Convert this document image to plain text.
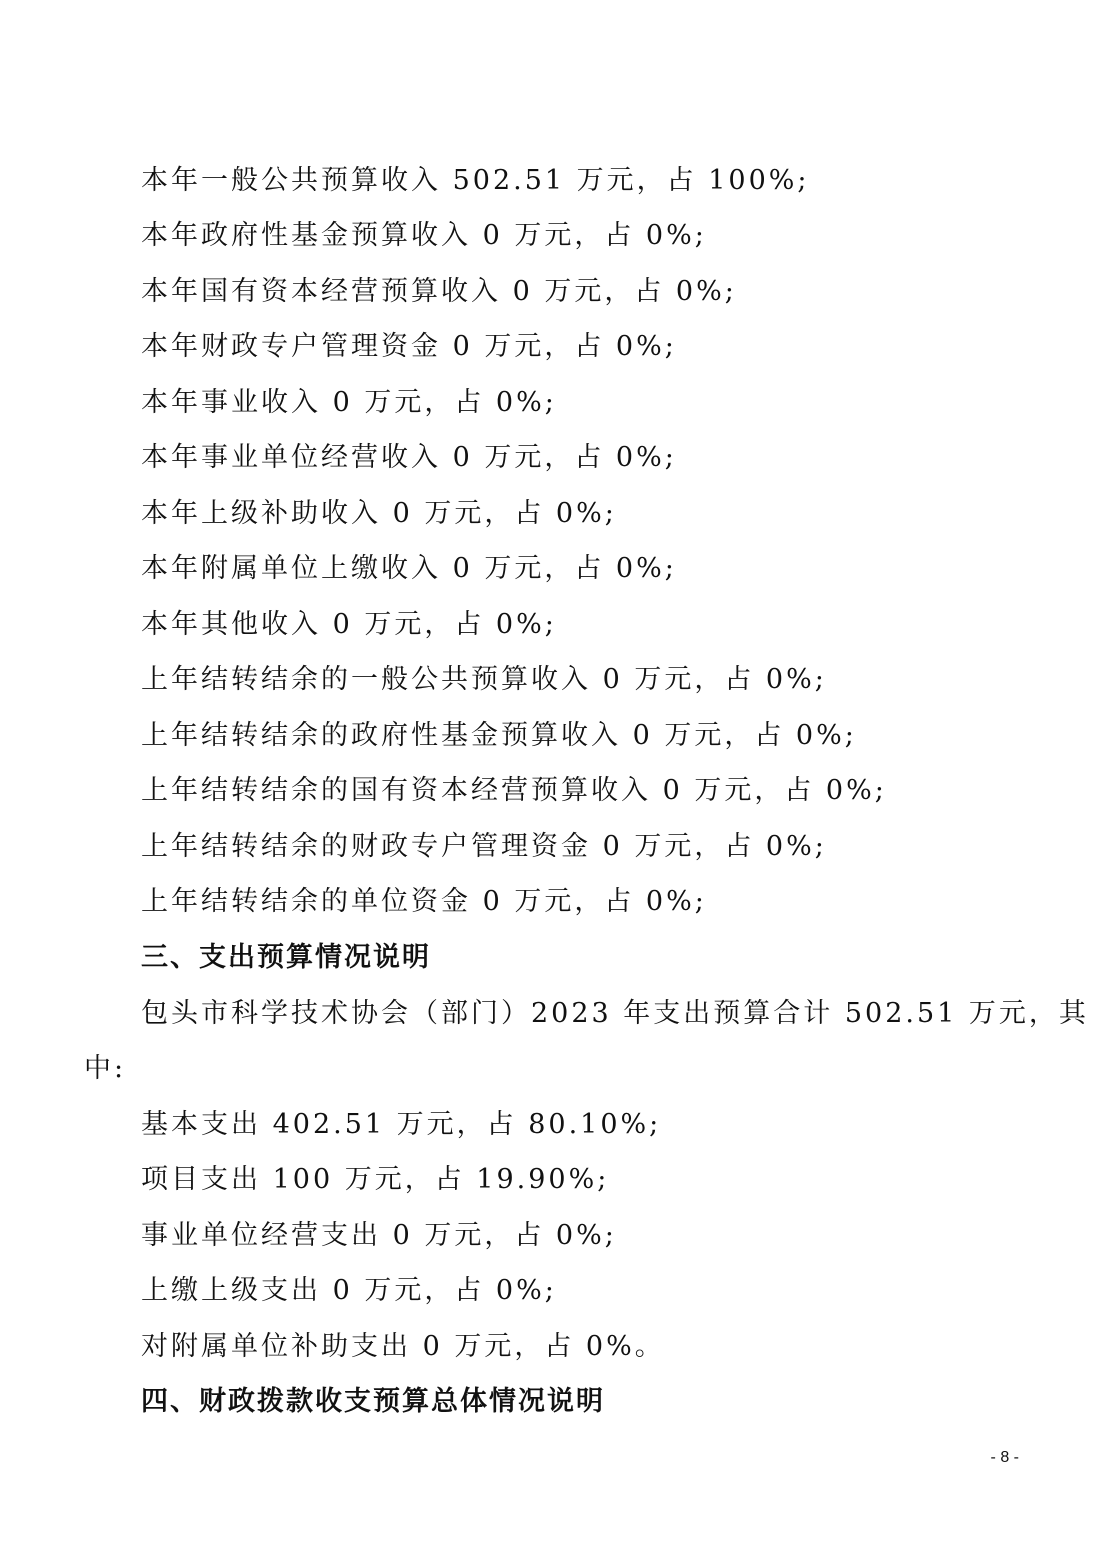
本年一般公共预算收入 502.51 万元，占 100%;
本年政府性基金预算收入 0 万元，占 0%;
本年国有资本经营预算收入 0 万元，占 0%;
本年财政专户管理资金 0 万元，占 0%;
本年事业收入 0 万元，占 0%;
本年事业单位经营收入 0 万元，占 0%;
本年上级补助收入 0 万元，占 0%;
本年附属单位上缴收入 0 万元，占 0%;
本年其他收入 0 万元，占 0%;
上年结转结余的一般公共预算收入 0 万元，占 0%;
上年结转结余的政府性基金预算收入 0 万元，占 0%;
上年结转结余的国有资本经营预算收入 0 万元，占 0%;
上年结转结余的财政专户管理资金 0 万元，占 0%;
上年结转结余的单位资金 0 万元，占 0%;
三、支出预算情况说明
包头市科学技术协会（部门）2023 年支出预算合计 502.51 万元，其
中:
基本支出 402.51 万元，占 80.10%;
项目支出 100 万元，占 19.90%;
事业单位经营支出 0 万元，占 0%;
上缴上级支出 0 万元，占 0%;
对附属单位补助支出 0 万元，占 0%。
四、财政拨款收支预算总体情况说明
- 8 -
